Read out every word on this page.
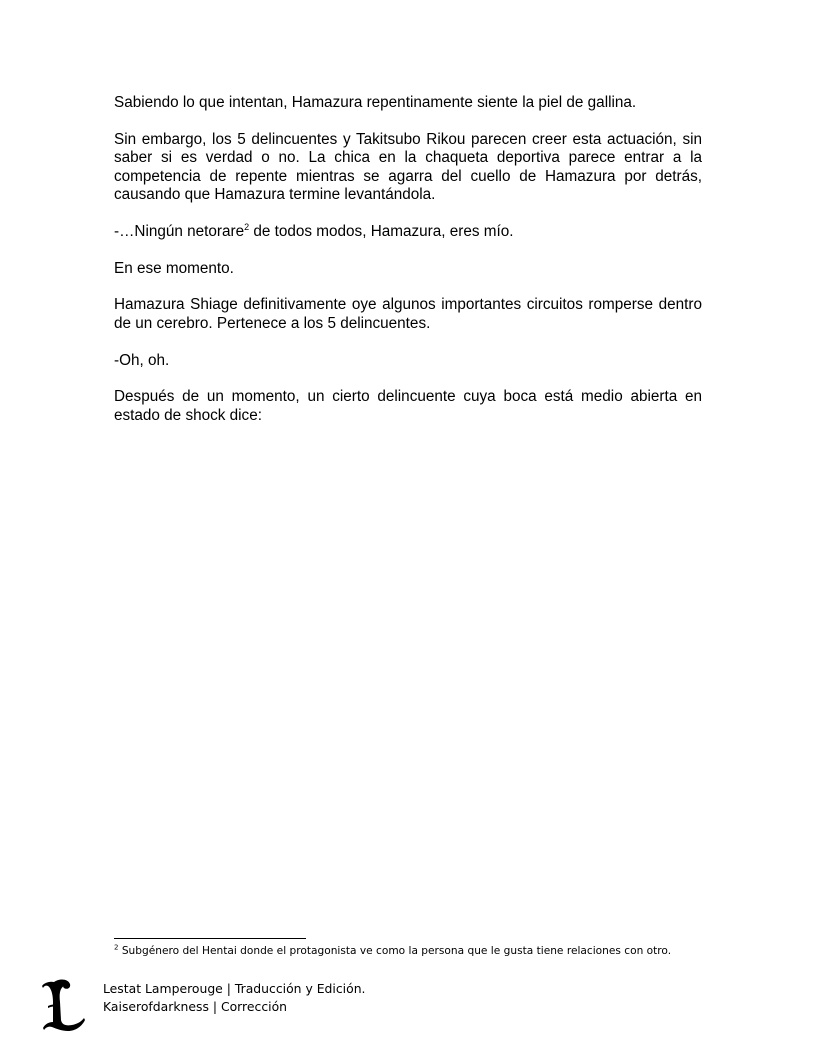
Sabiendo lo que intentan, Hamazura repentinamente siente la piel de gallina.

Sin embargo, los 5 delincuentes y Takitsubo Rikou parecen creer esta actuación, sin saber si es verdad o no. La chica en la chaqueta deportiva parece entrar a la competencia de repente mientras se agarra del cuello de Hamazura por detrás, causando que Hamazura termine levantándola.

-…Ningún netorare$^2$ de todos modos, Hamazura, eres mío.

En ese momento.

Hamazura Shiage definitivamente oye algunos importantes circuitos romperse dentro de un cerebro. Pertenece a los 5 delincuentes.

-Oh, oh.

Después de un momento, un cierto delincuente cuya boca está medio abierta en estado de shock dice:

$^2$ Subgénero del Hentai donde el protagonista ve como la persona que le gusta tiene relaciones con otro.
Lestat Lamperouge | Traducción y Edición.
Kaiserofdarkness | Corrección
